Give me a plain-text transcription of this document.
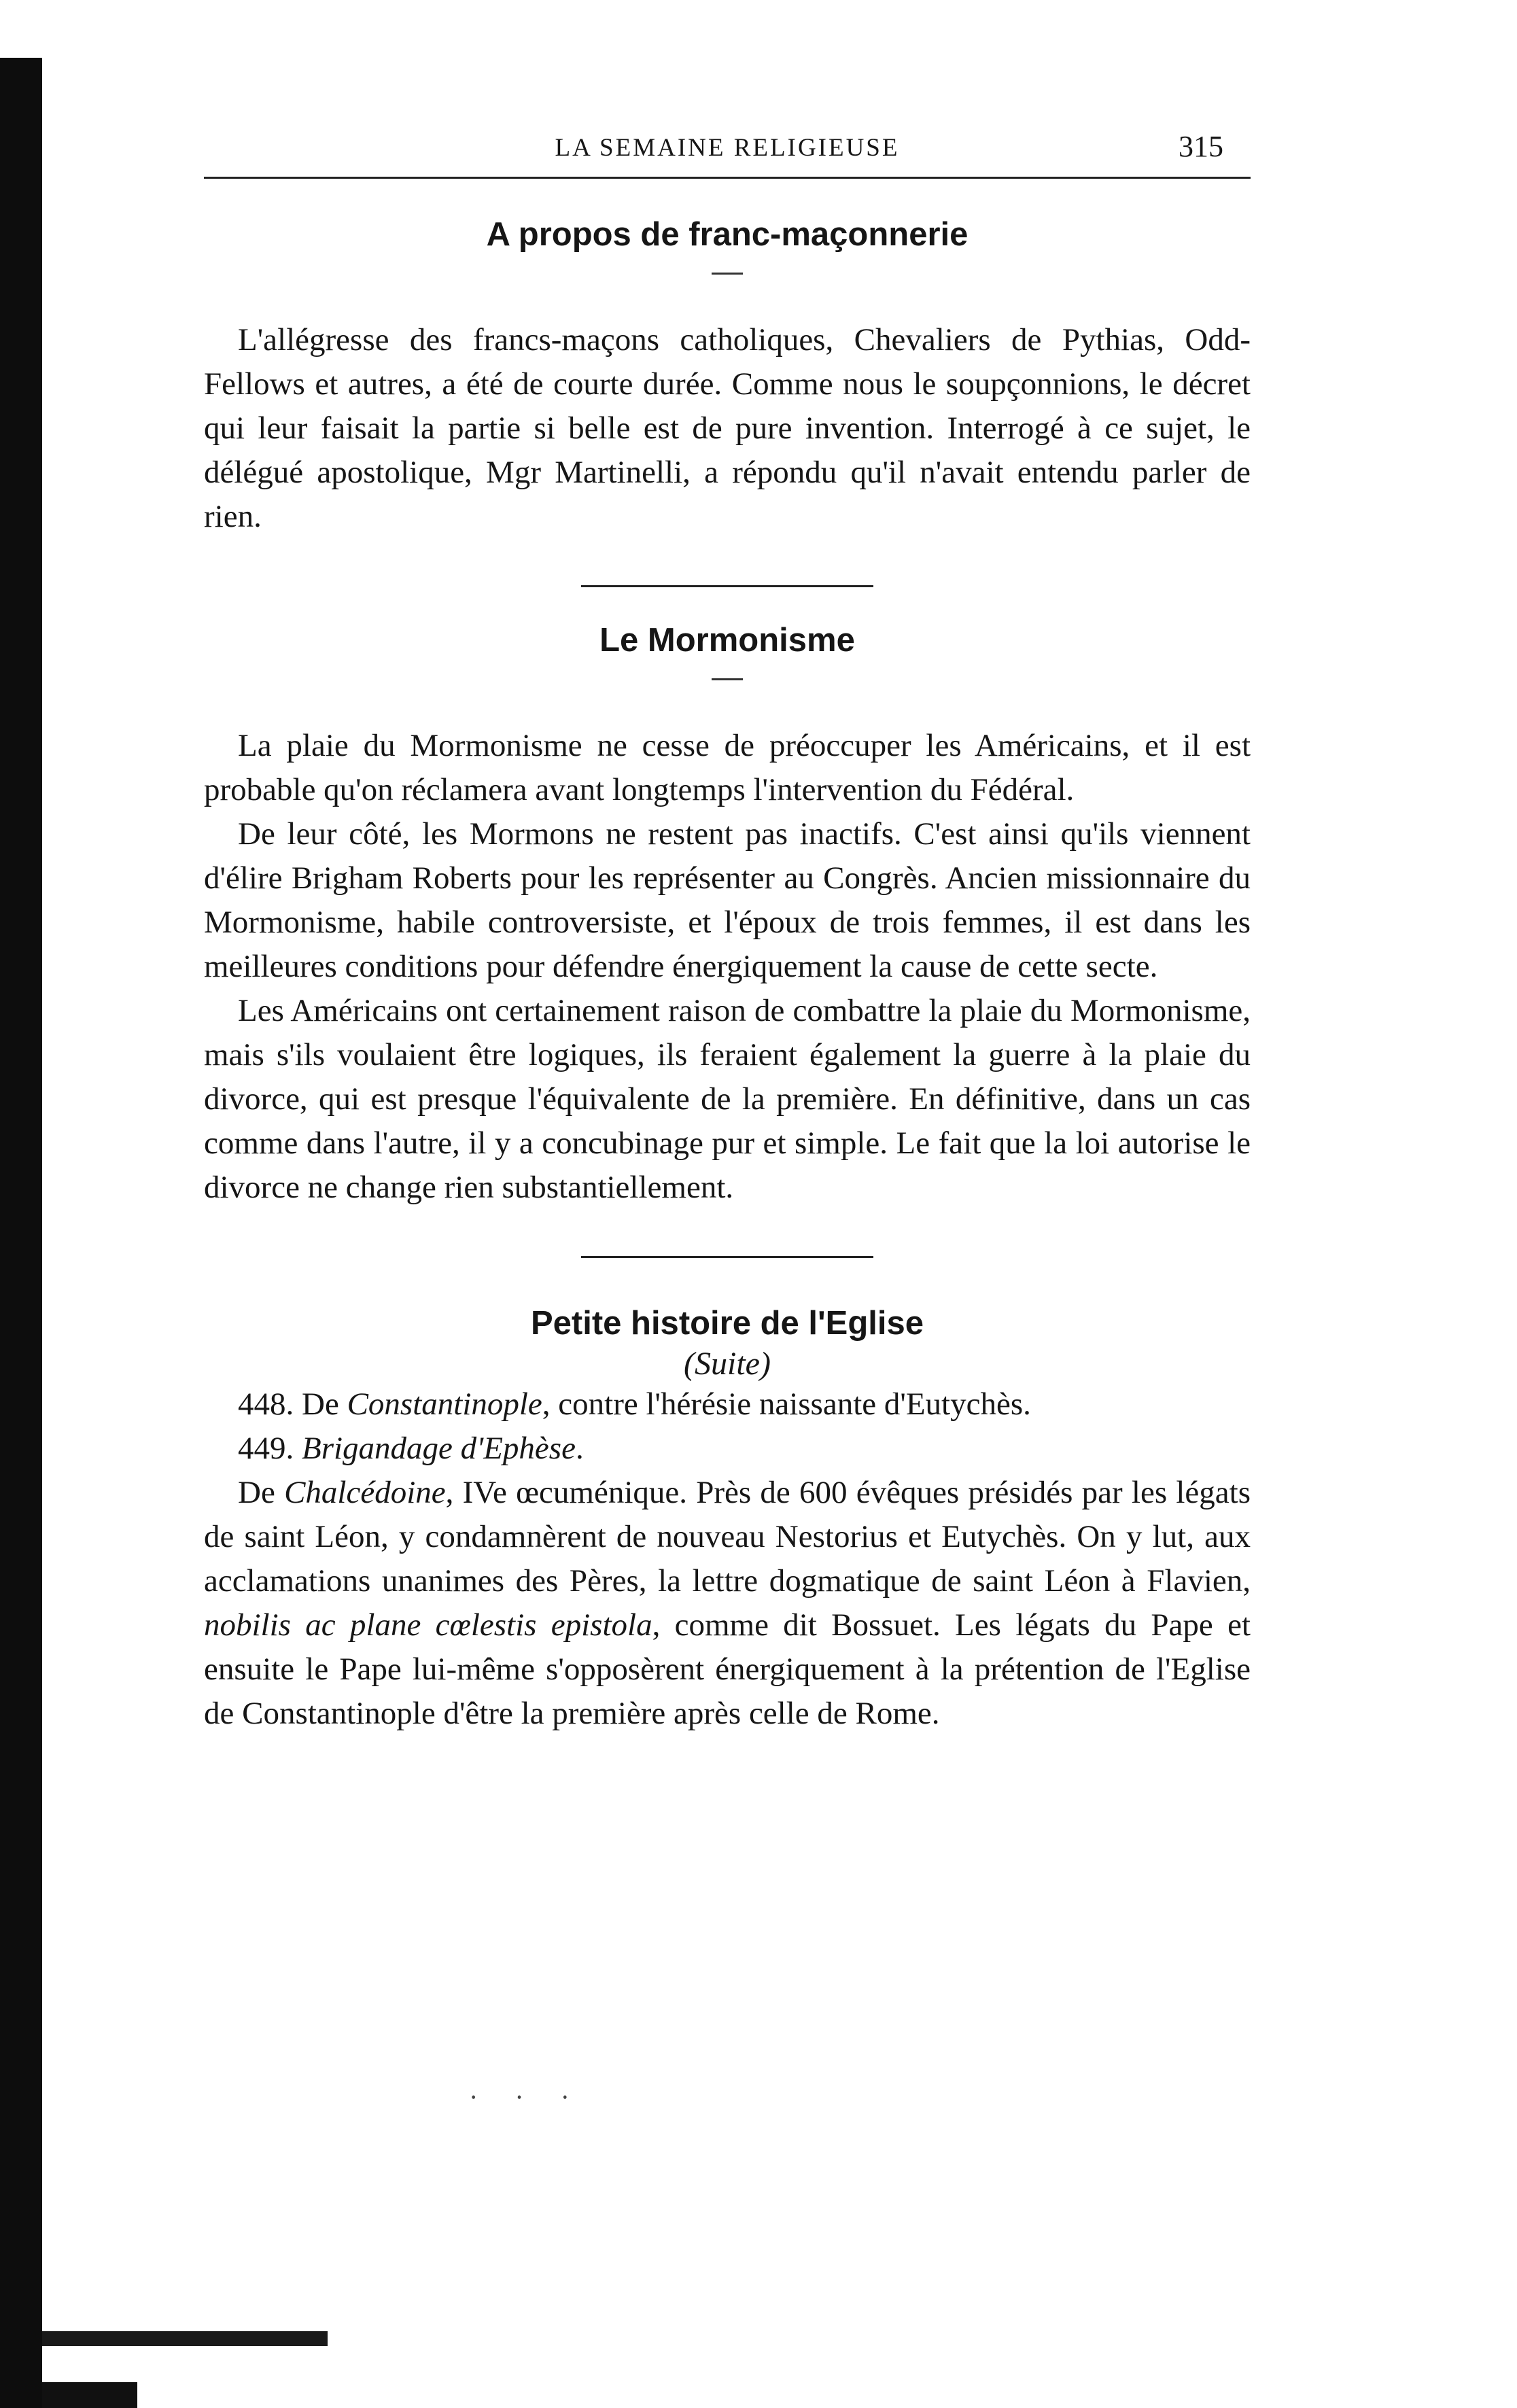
LA SEMAINE RELIGIEUSE	315
A propos de franc-maçonnerie

L'allégresse des francs-maçons catholiques, Chevaliers de Pythias, Odd-Fellows et autres, a été de courte durée. Comme nous le soupçonnions, le décret qui leur faisait la partie si belle est de pure invention. Interrogé à ce sujet, le délégué apostolique, Mgr Martinelli, a répondu qu'il n'avait entendu parler de rien.

Le Mormonisme

La plaie du Mormonisme ne cesse de préoccuper les Américains, et il est probable qu'on réclamera avant longtemps l'intervention du Fédéral.

De leur côté, les Mormons ne restent pas inactifs. C'est ainsi qu'ils viennent d'élire Brigham Roberts pour les représenter au Congrès. Ancien missionnaire du Mormonisme, habile controversiste, et l'époux de trois femmes, il est dans les meilleures conditions pour défendre énergiquement la cause de cette secte.

Les Américains ont certainement raison de combattre la plaie du Mormonisme, mais s'ils voulaient être logiques, ils feraient également la guerre à la plaie du divorce, qui est presque l'équivalente de la première. En définitive, dans un cas comme dans l'autre, il y a concubinage pur et simple. Le fait que la loi autorise le divorce ne change rien substantiellement.

Petite histoire de l'Eglise

(Suite)

448. De Constantinople, contre l'hérésie naissante d'Eutychès.

449. Brigandage d'Ephèse.

De Chalcédoine, IVe œcuménique. Près de 600 évêques présidés par les légats de saint Léon, y condamnèrent de nouveau Nestorius et Eutychès. On y lut, aux acclamations unanimes des Pères, la lettre dogmatique de saint Léon à Flavien, nobilis ac plane cœlestis epistola, comme dit Bossuet. Les légats du Pape et ensuite le Pape lui-même s'opposèrent énergiquement à la prétention de l'Eglise de Constantinople d'être la première après celle de Rome.

· · ·
